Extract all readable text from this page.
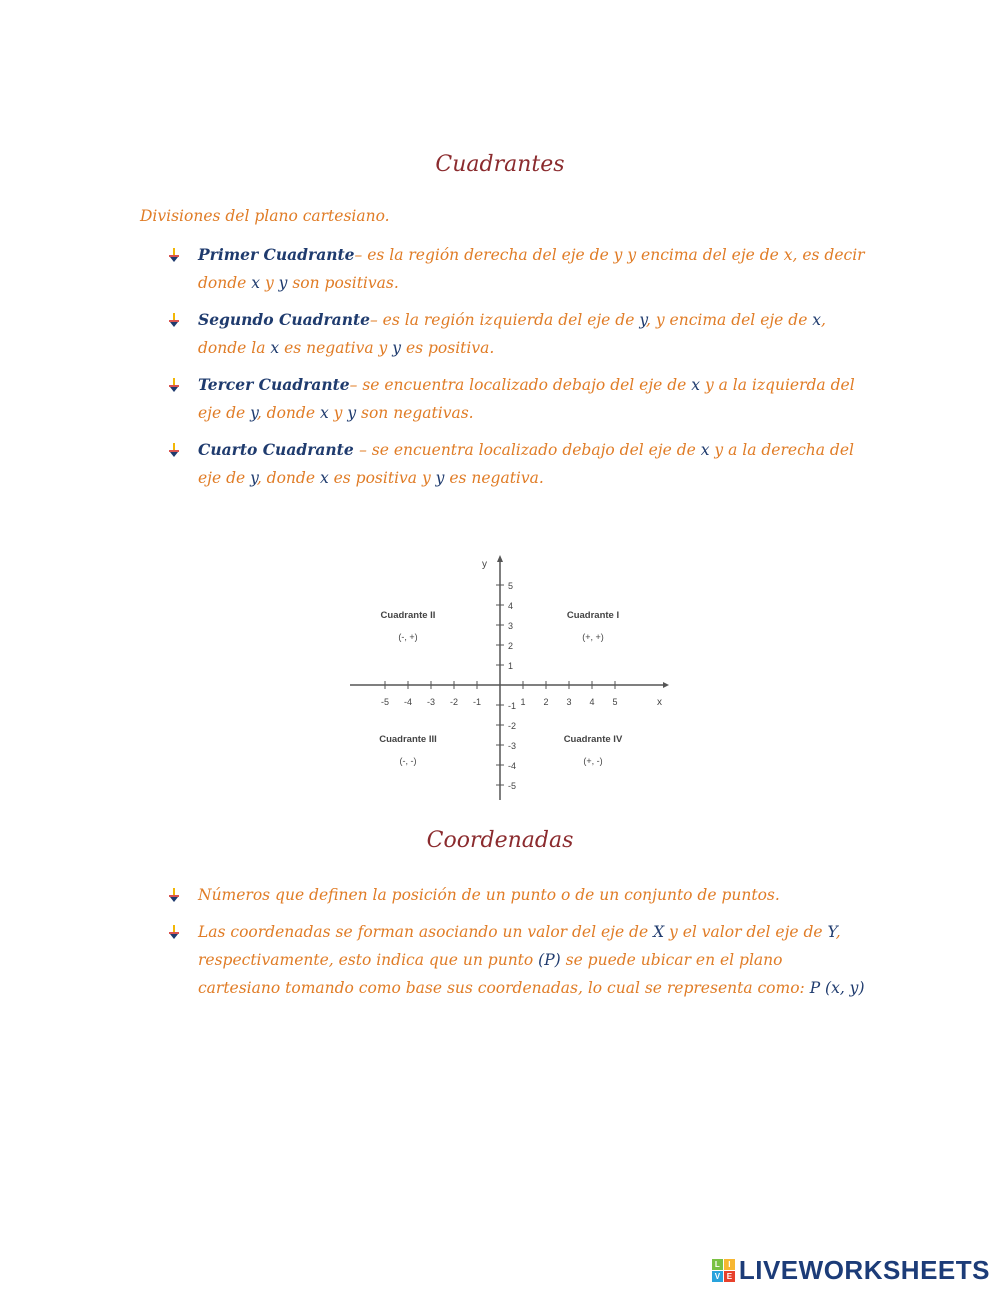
Cuadrantes
Divisiones del plano cartesiano.
Primer Cuadrante– es la región derecha del eje de y y encima del eje de x, es decir donde x y y son positivas.
Segundo Cuadrante– es la región izquierda del eje de y, y encima del eje de x, donde la x es negativa y y es positiva.
Tercer Cuadrante– se encuentra localizado debajo del eje de x y a la izquierda del eje de y, donde x y y son negativas.
Cuarto Cuadrante – se encuentra localizado debajo del eje de x y a la derecha del eje de y, donde x es positiva y y es negativa.
-5 -4 -3 -2 -1	1 2 3 4 5
5
4
3
2
1
-1
-2
-3
-4
-5
y
x
Cuadrante I
(+, +)
Cuadrante II
(-, +)
Cuadrante III
(-, -)
Cuadrante IV
(+, -)
Coordenadas
Números que definen la posición de un punto o de un conjunto de puntos.
Las coordenadas se forman asociando un valor del eje de X y el valor del eje de Y, respectivamente, esto indica que un punto (P) se puede ubicar en el plano cartesiano tomando como base sus coordenadas, lo cual se representa como: P (x, y)
L	I
V E LIVEWORKSHEETS
